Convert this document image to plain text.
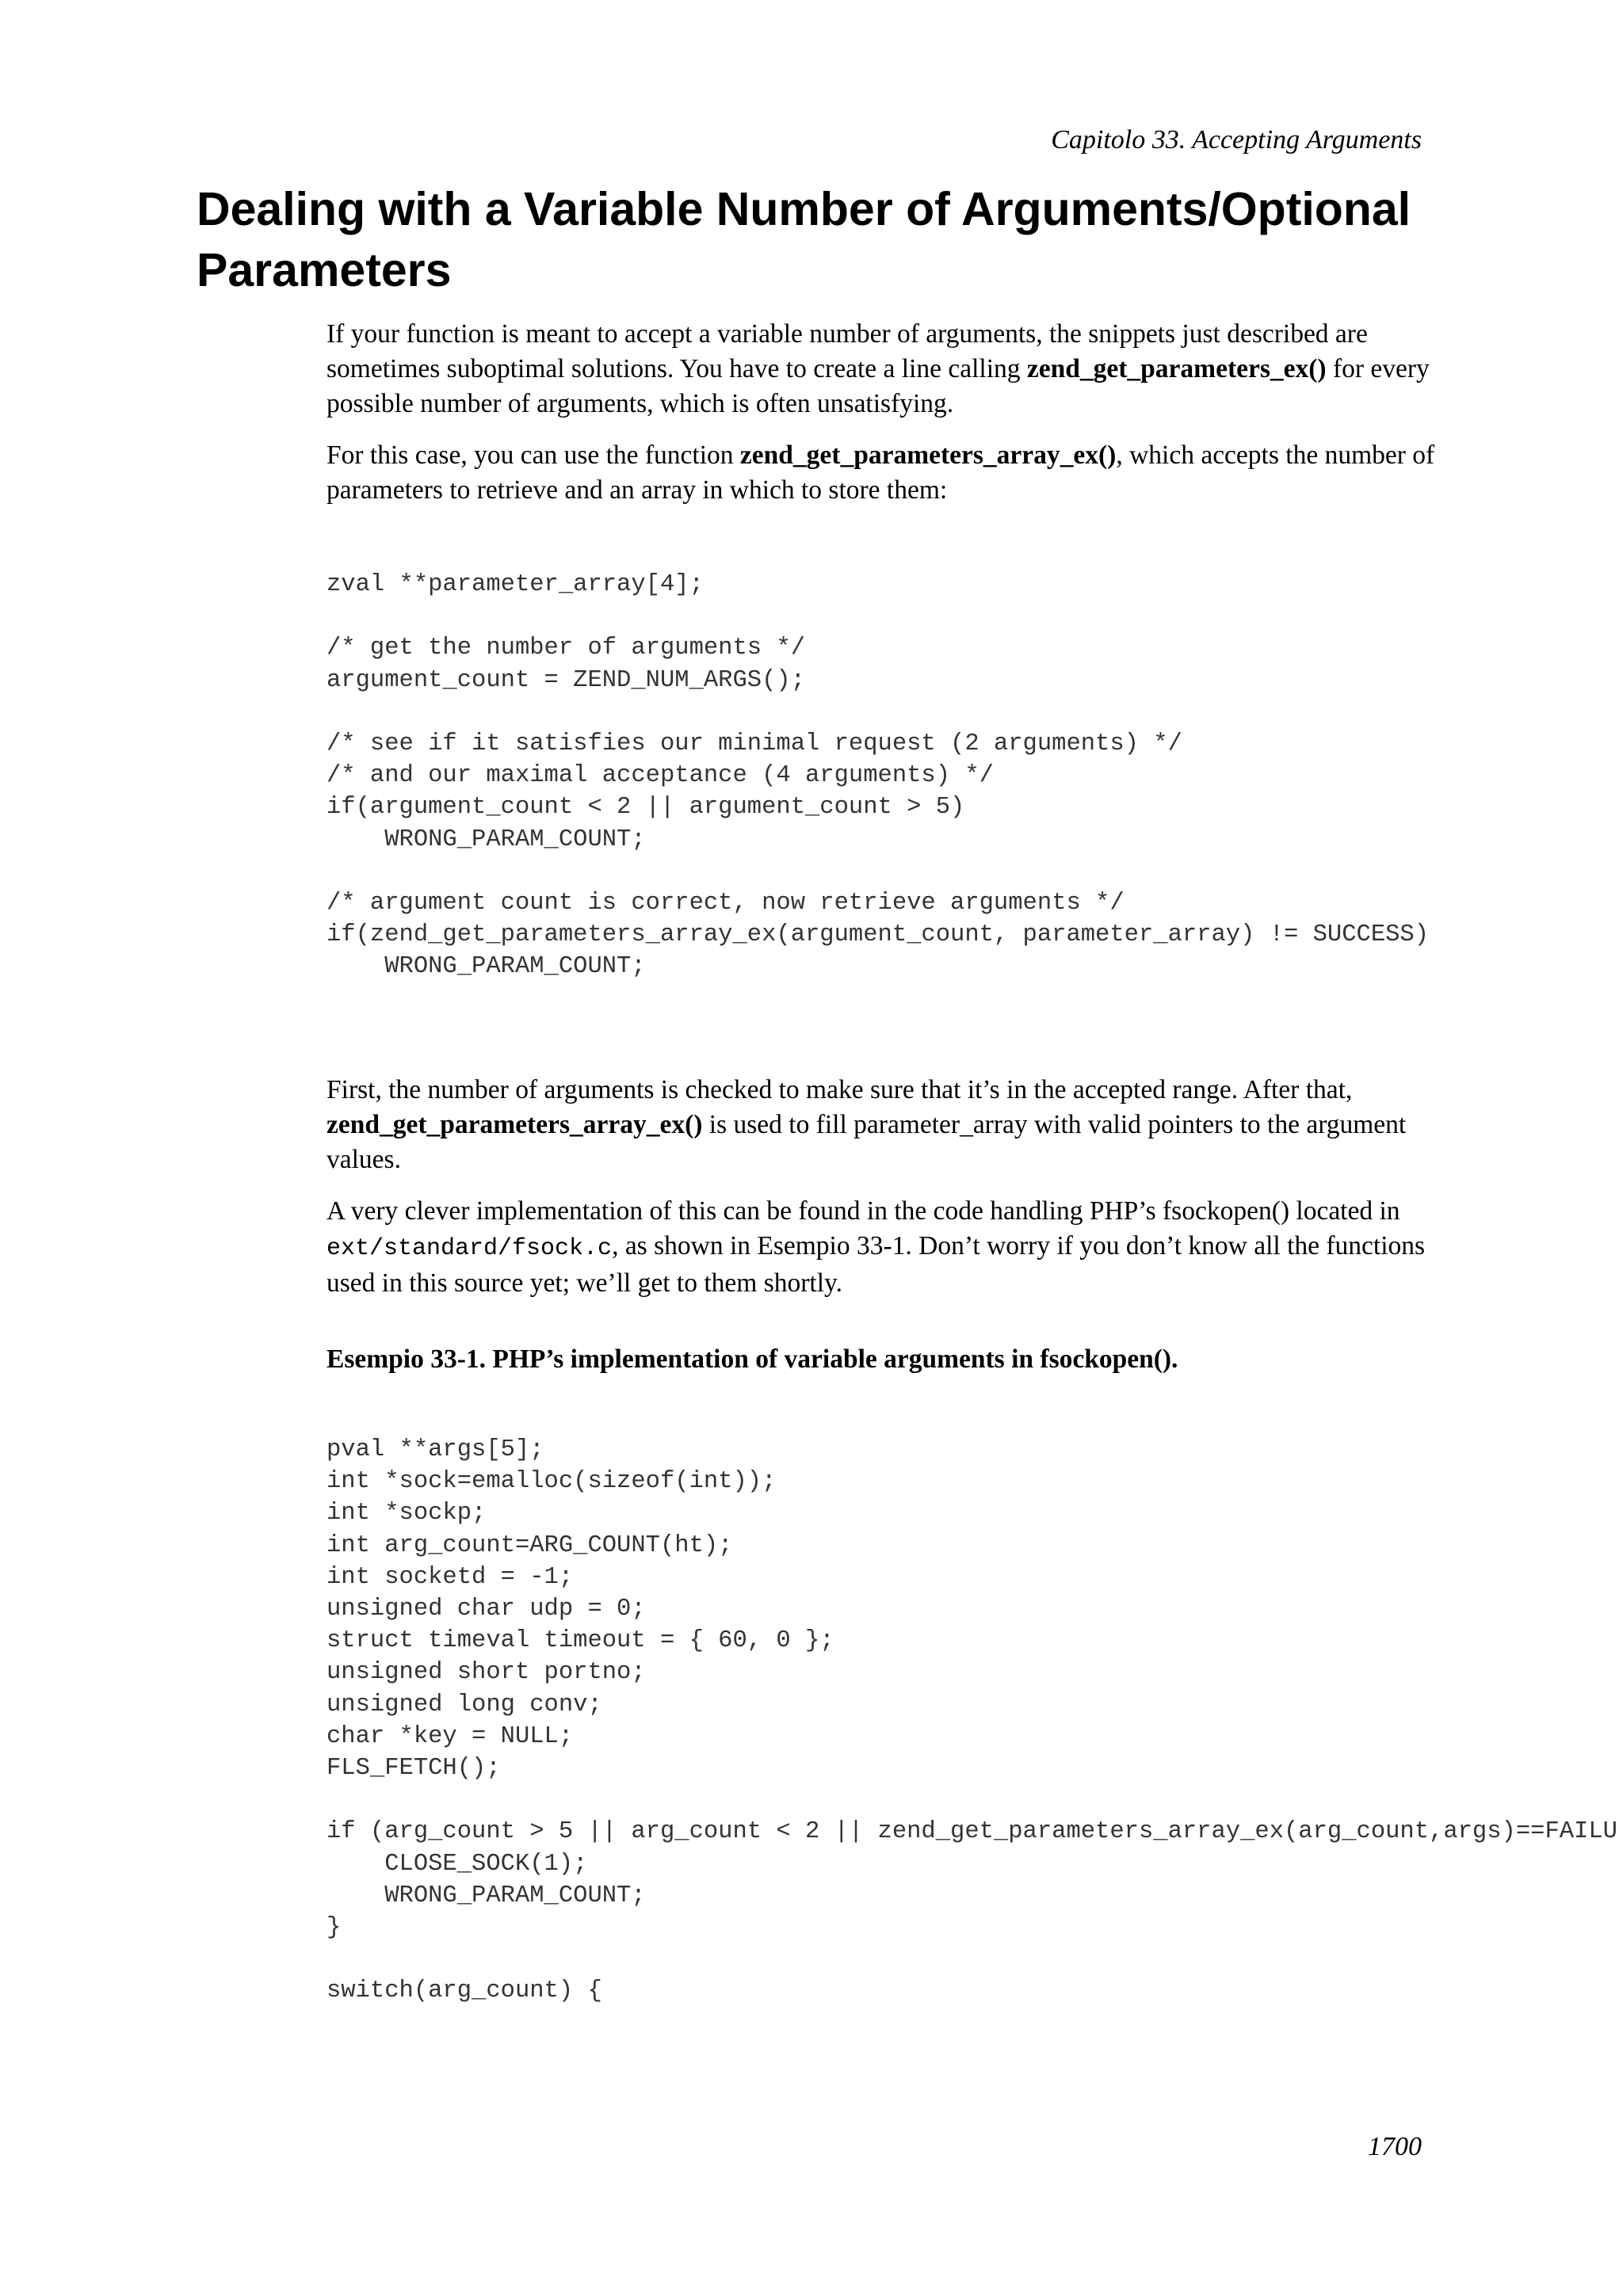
Capitolo 33. Accepting Arguments
Dealing with a Variable Number of Arguments/Optional Parameters

If your function is meant to accept a variable number of arguments, the snippets just described are sometimes suboptimal solutions. You have to create a line calling zend_get_parameters_ex() for every possible number of arguments, which is often unsatisfying.

For this case, you can use the function zend_get_parameters_array_ex(), which accepts the number of parameters to retrieve and an array in which to store them:

zval **parameter_array[4];

/* get the number of arguments */
argument_count = ZEND_NUM_ARGS();

/* see if it satisfies our minimal request (2 arguments) */
/* and our maximal acceptance (4 arguments) */
if(argument_count < 2 || argument_count > 5)
WRONG_PARAM_COUNT;

/* argument count is correct, now retrieve arguments */
if(zend_get_parameters_array_ex(argument_count, parameter_array) != SUCCESS)
WRONG_PARAM_COUNT;

First, the number of arguments is checked to make sure that it’s in the accepted range. After that, zend_get_parameters_array_ex() is used to fill parameter_array with valid pointers to the argument values.

A very clever implementation of this can be found in the code handling PHP’s fsockopen() located in ext/standard/fsock.c, as shown in Esempio 33-1. Don’t worry if you don’t know all the functions used in this source yet; we’ll get to them shortly.

Esempio 33-1. PHP’s implementation of variable arguments in fsockopen().

pval **args[5];
int *sock=emalloc(sizeof(int));
int *sockp;
int arg_count=ARG_COUNT(ht);
int socketd = -1;
unsigned char udp = 0;
struct timeval timeout = { 60, 0 };
unsigned short portno;
unsigned long conv;
char *key = NULL;
FLS_FETCH();

if (arg_count > 5 || arg_count < 2 || zend_get_parameters_array_ex(arg_count,args)==FAILU
CLOSE_SOCK(1);
WRONG_PARAM_COUNT;
}

switch(arg_count) {
1700
